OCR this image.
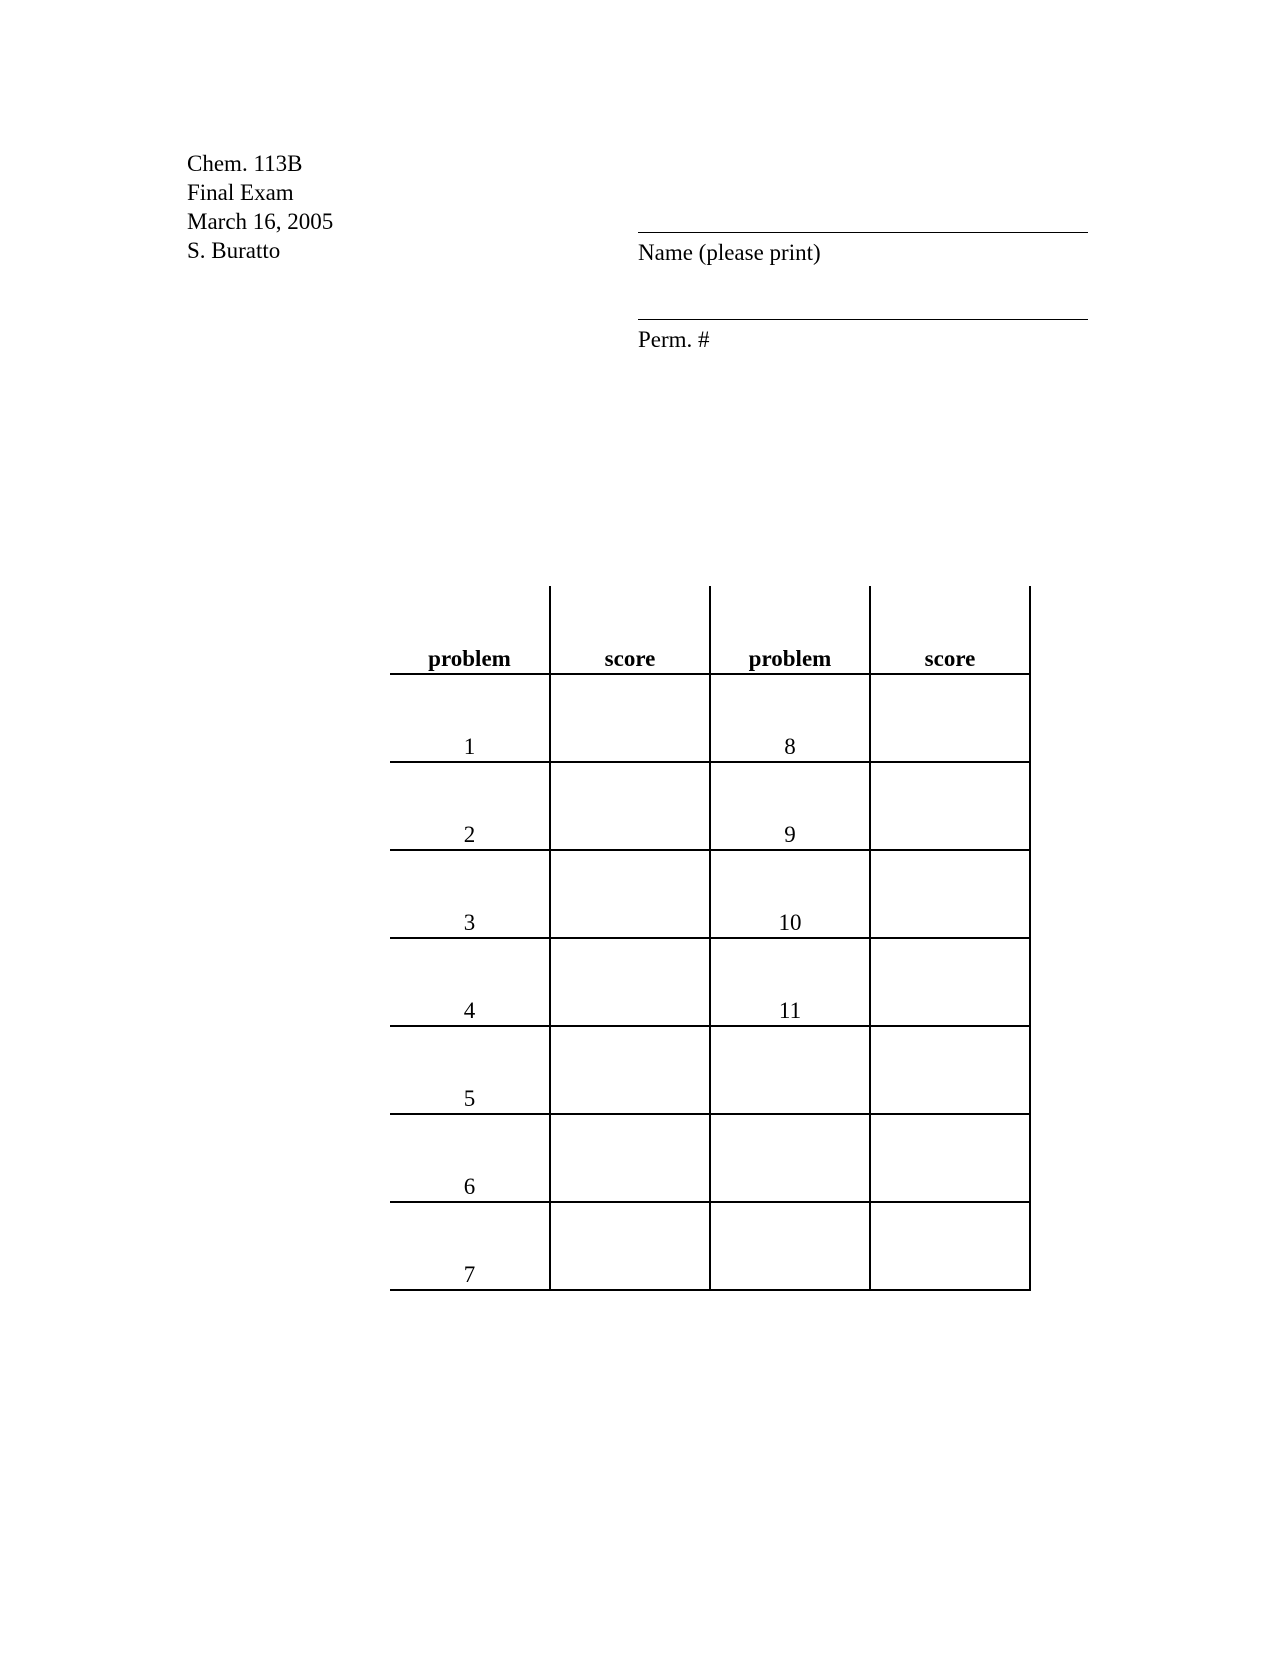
Chem. 113B
Final Exam
March 16, 2005
S. Buratto	Name (please print)
Perm. #
problem	score	problem	score
1		8	
2		9	
3		10	
4		11	
5			
6			
7			
